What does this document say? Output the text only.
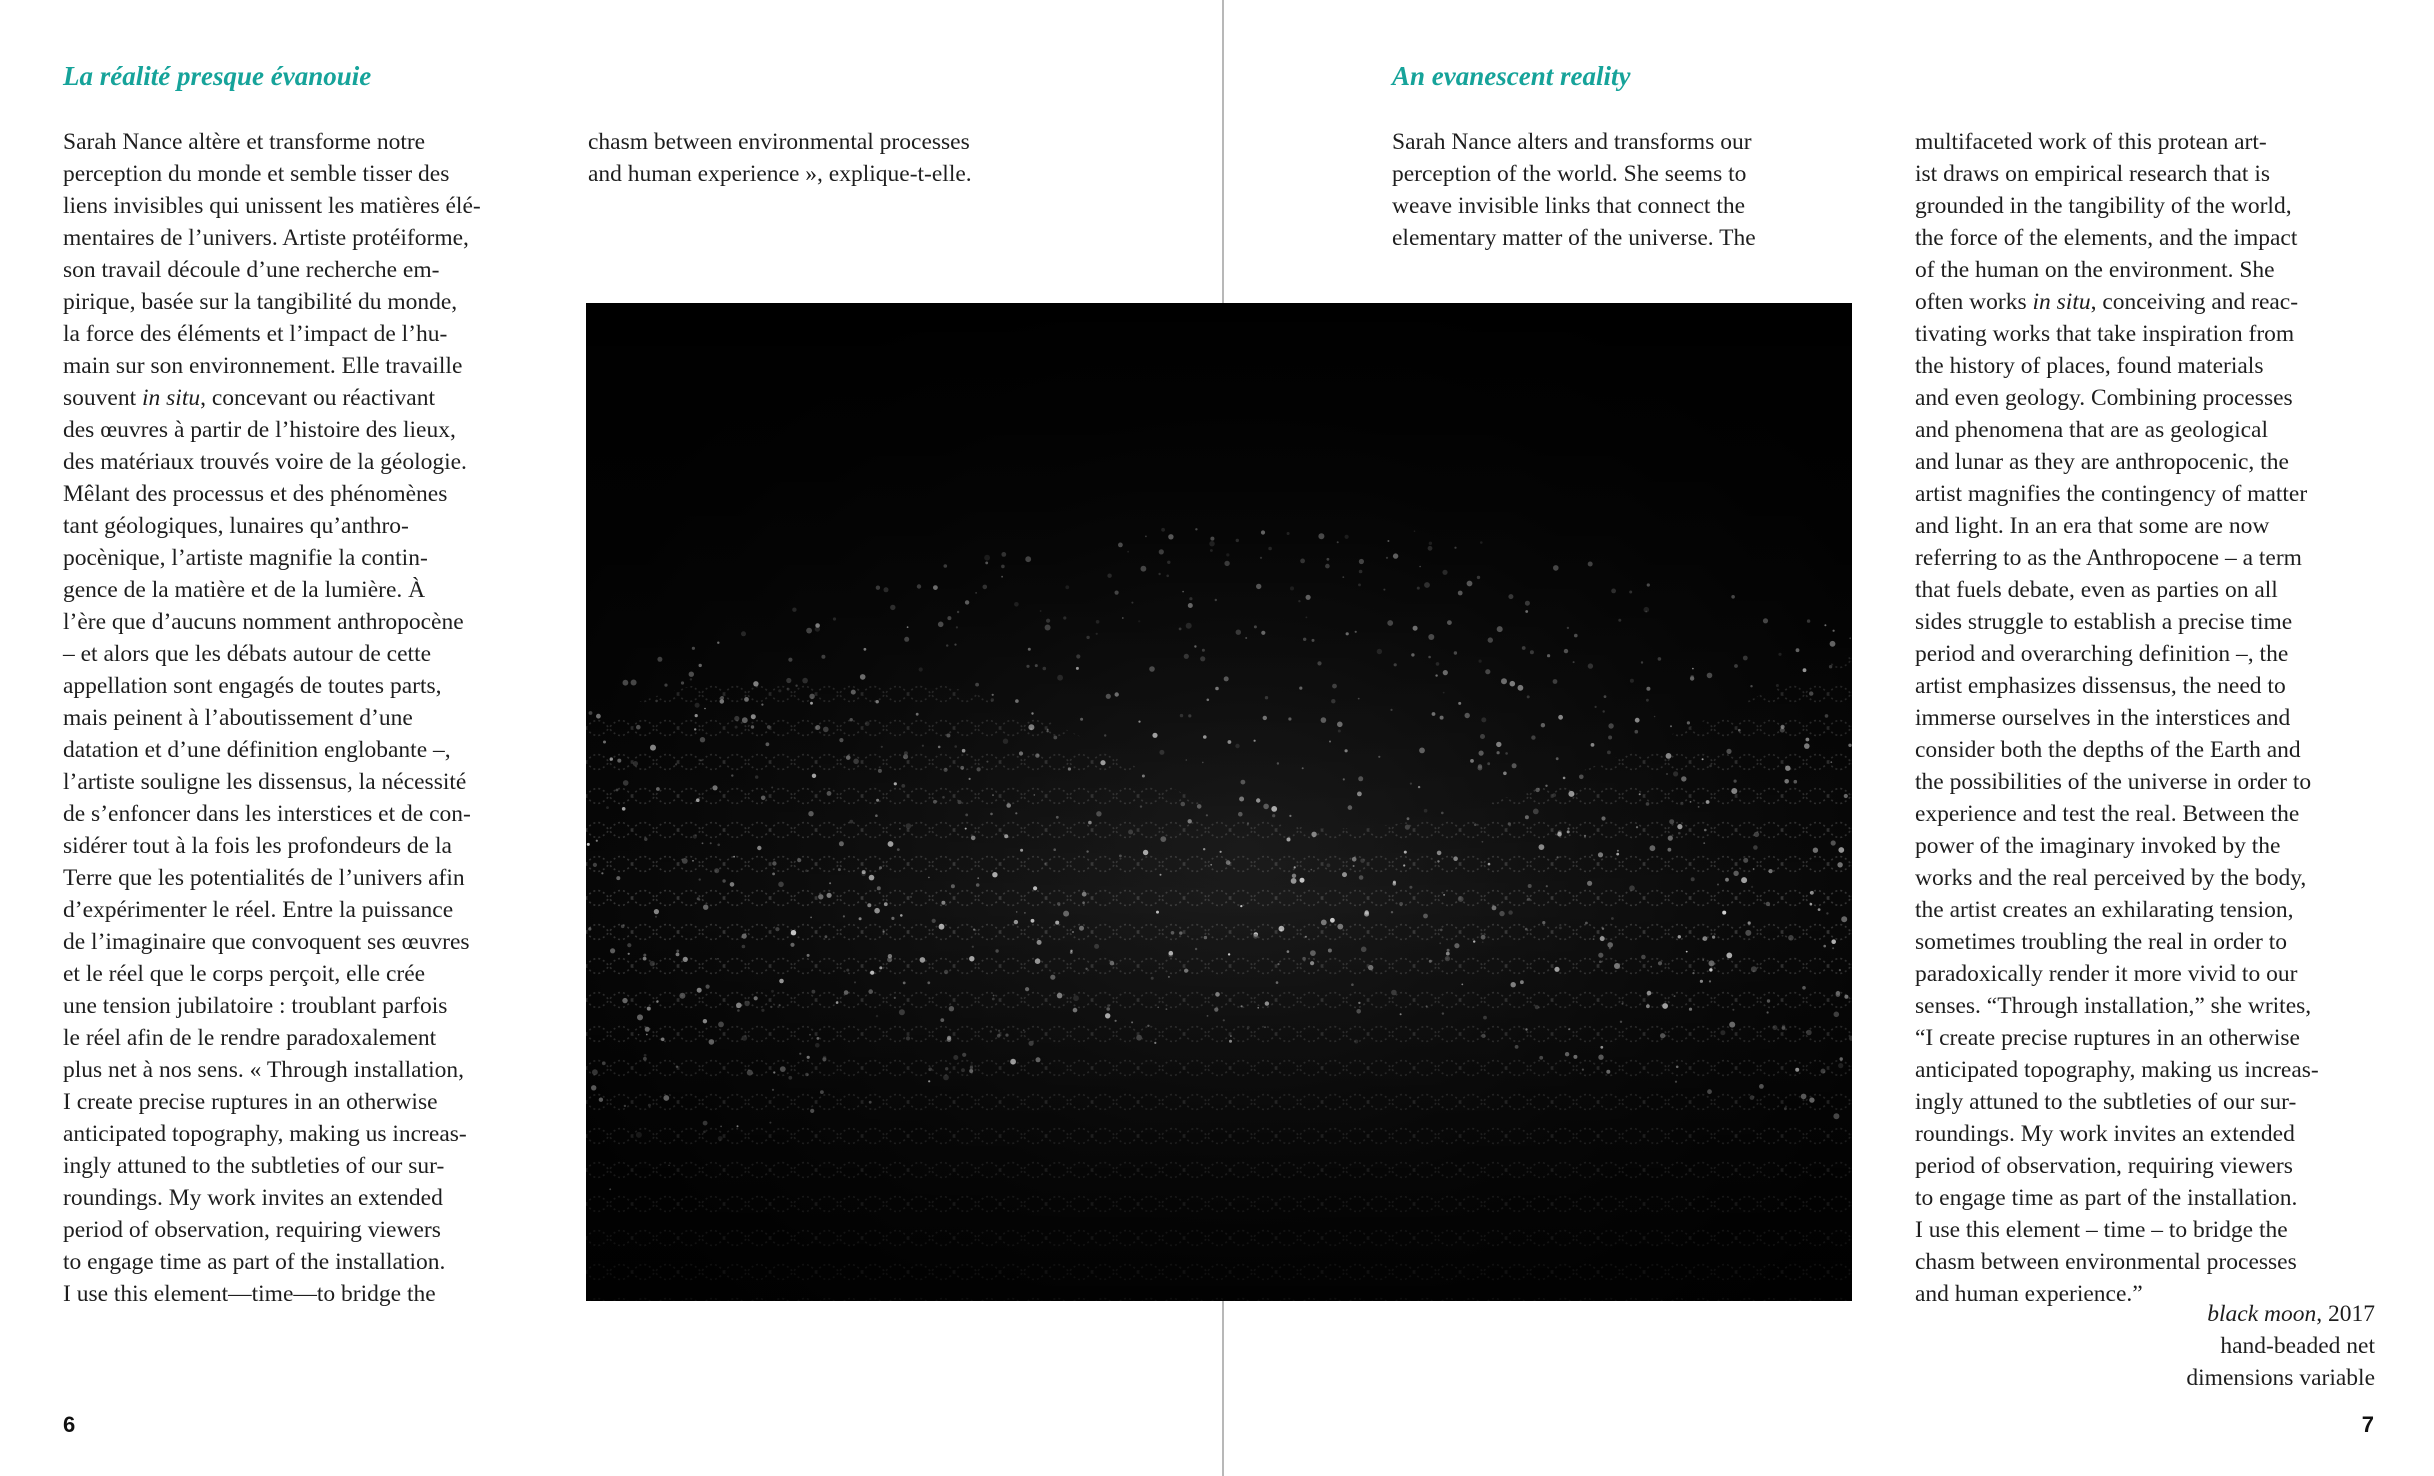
La réalité presque évanouie
Sarah Nance altère et transforme notre
perception du monde et semble tisser des
liens invisibles qui unissent les matières élé-
mentaires de l’univers. Artiste protéiforme,
son travail découle d’une recherche em-
pirique, basée sur la tangibilité du monde,
la force des éléments et l’impact de l’hu-
main sur son environnement. Elle travaille
souvent in situ, concevant ou réactivant
des œuvres à partir de l’histoire des lieux,
des matériaux trouvés voire de la géologie.
Mêlant des processus et des phénomènes
tant géologiques, lunaires qu’anthro-
pocènique, l’artiste magnifie la contin-
gence de la matière et de la lumière. À
l’ère que d’aucuns nomment anthropocène
– et alors que les débats autour de cette
appellation sont engagés de toutes parts,
mais peinent à l’aboutissement d’une
datation et d’une définition englobante –,
l’artiste souligne les dissensus, la nécessité
de s’enfoncer dans les interstices et de con-
sidérer tout à la fois les profondeurs de la
Terre que les potentialités de l’univers afin
d’expérimenter le réel. Entre la puissance
de l’imaginaire que convoquent ses œuvres
et le réel que le corps perçoit, elle crée
une tension jubilatoire : troublant parfois
le réel afin de le rendre paradoxalement
plus net à nos sens. « Through installation,
I create precise ruptures in an otherwise
anticipated topography, making us increas-
ingly attuned to the subtleties of our sur-
roundings. My work invites an extended
period of observation, requiring viewers
to engage time as part of the installation.
I use this element—time—to bridge the
chasm between environmental processes
and human experience », explique-t-elle.
6
An evanescent reality
Sarah Nance alters and transforms our
perception of the world. She seems to
weave invisible links that connect the
elementary matter of the universe. The
multifaceted work of this protean art-
ist draws on empirical research that is
grounded in the tangibility of the world,
the force of the elements, and the impact
of the human on the environment. She
often works in situ, conceiving and reac-
tivating works that take inspiration from
the history of places, found materials
and even geology. Combining processes
and phenomena that are as geological
and lunar as they are anthropocenic, the
artist magnifies the contingency of matter
and light. In an era that some are now
referring to as the Anthropocene – a term
that fuels debate, even as parties on all
sides struggle to establish a precise time
period and overarching definition –, the
artist emphasizes dissensus, the need to
immerse ourselves in the interstices and
consider both the depths of the Earth and
the possibilities of the universe in order to
experience and test the real. Between the
power of the imaginary invoked by the
works and the real perceived by the body,
the artist creates an exhilarating tension,
sometimes troubling the real in order to
paradoxically render it more vivid to our
senses. “Through installation,” she writes,
“I create precise ruptures in an otherwise
anticipated topography, making us increas-
ingly attuned to the subtleties of our sur-
roundings. My work invites an extended
period of observation, requiring viewers
to engage time as part of the installation.
I use this element – time – to bridge the
chasm between environmental processes
and human experience.”
black moon, 2017
hand-beaded net
dimensions variable
7
